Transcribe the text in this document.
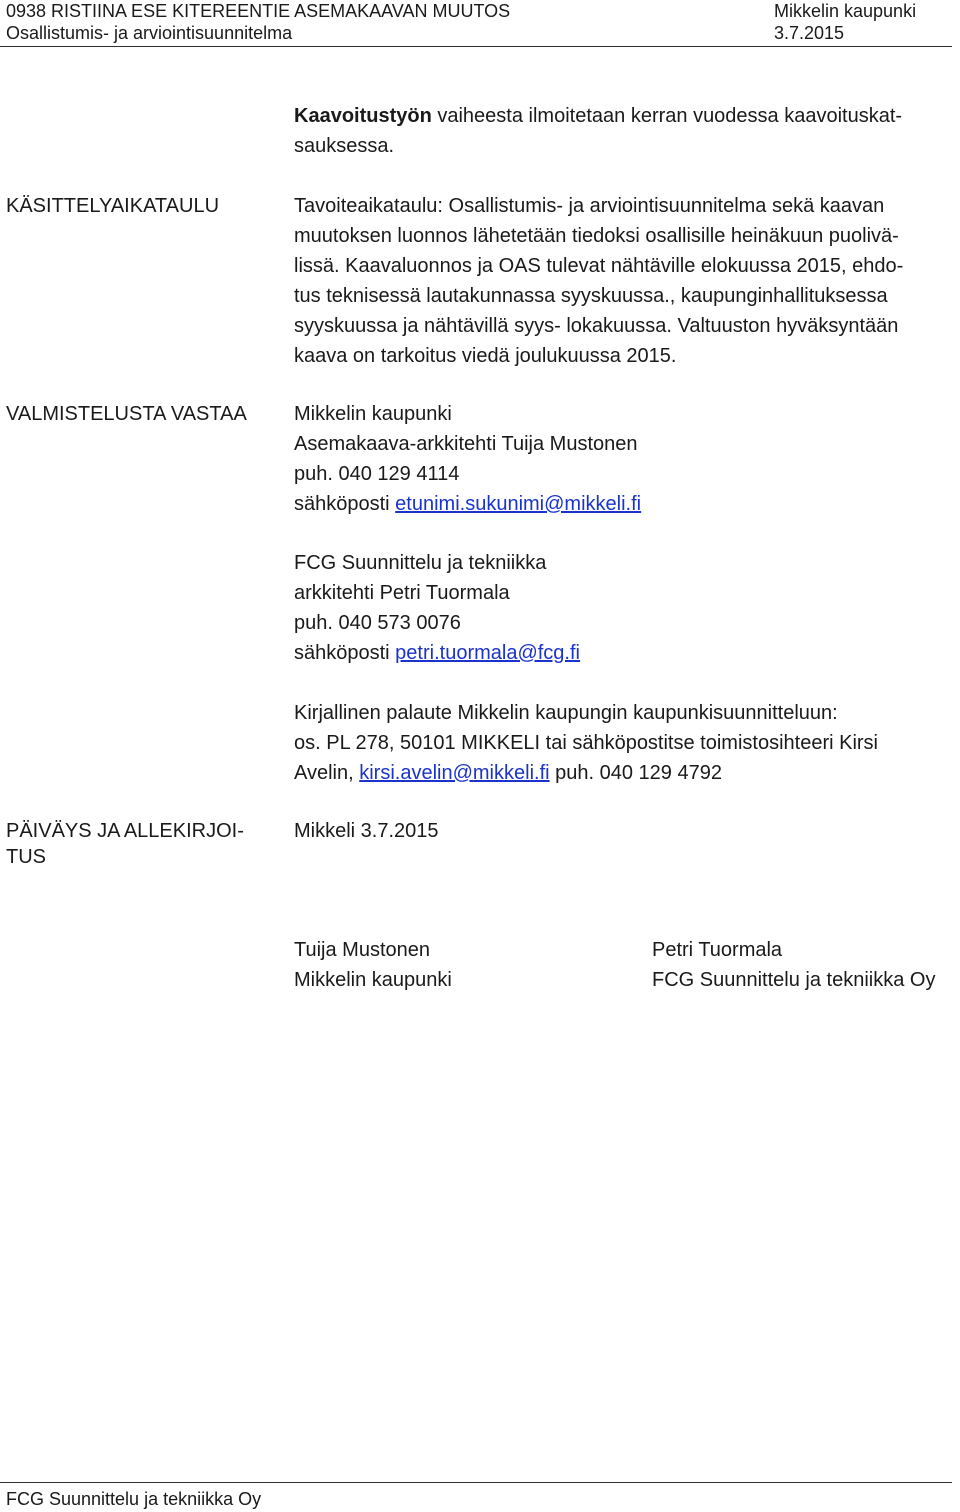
0938 RISTIINA ESE KITEREENTIE ASEMAKAAVAN MUUTOS
Osallistumis- ja arviointisuunnitelma
Mikkelin kaupunki
3.7.2015
Kaavoitustyön vaiheesta ilmoitetaan kerran vuodessa kaavoituskat-
sauksessa.
KÄSITTELYAIKATAULU	Tavoiteaikataulu: Osallistumis- ja arviointisuunnitelma sekä kaavan
muutoksen luonnos lähetetään tiedoksi osallisille heinäkuun puolivä-
lissä. Kaavaluonnos ja OAS tulevat nähtäville elokuussa 2015, ehdo-
tus teknisessä lautakunnassa syyskuussa., kaupunginhallituksessa
syyskuussa ja nähtävillä syys- lokakuussa. Valtuuston hyväksyntään
kaava on tarkoitus viedä joulukuussa 2015.
VALMISTELUSTA VASTAA Mikkelin kaupunki
Asemakaava-arkkitehti Tuija Mustonen
puh. 040 129 4114
sähköposti etunimi.sukunimi@mikkeli.fi
FCG Suunnittelu ja tekniikka
arkkitehti Petri Tuormala
puh. 040 573 0076
sähköposti petri.tuormala@fcg.fi
Kirjallinen palaute Mikkelin kaupungin kaupunkisuunnitteluun:
os. PL 278, 50101 MIKKELI tai sähköpostitse toimistosihteeri Kirsi
Avelin, kirsi.avelin@mikkeli.fi puh. 040 129 4792
PÄIVÄYS JA ALLEKIRJOI-
TUS
Mikkeli 3.7.2015
Tuija Mustonen
Mikkelin kaupunki
Petri Tuormala
FCG Suunnittelu ja tekniikka Oy
FCG Suunnittelu ja tekniikka Oy
